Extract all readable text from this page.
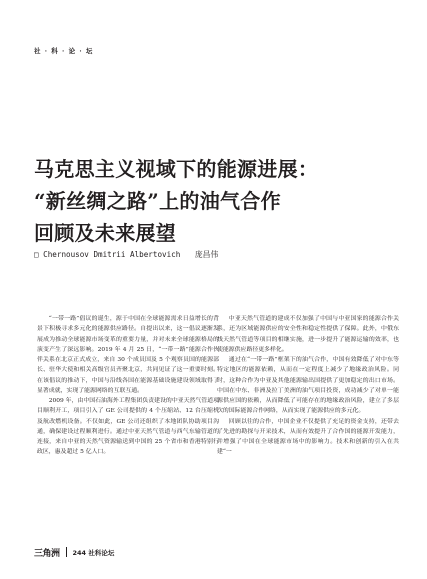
社 · 科 · 论 · 坛
马克思主义视域下的能源进展：
“新丝绸之路”上的油气合作
回顾及未来展望
□ Chernousov Dmitrii Albertovich 庞昌伟

“一带一路”倡议的诞生，源于中国在全球能源需求日益增长的背景下积极寻求多元化的能源供应路径。自提出以来，这一倡议逐渐发展成为推动全球能源市场变革的重要力量，并对未来全球能源格局的演变产生了深远影响。2019 年 4 月 25 日，“一带一路”能源合作伙伴关系在北京正式成立，来自 30 个成员国及 5 个观察员国的能源部长、驻华大使和相关高级官员齐聚北京，共同见证了这一重要时刻。在该倡议的推动下，中国与沿线各国在能源基础设施建设领域取得了显著成就，实现了能源网络的互联互通。

2009 年，由中国石油海外工程集团负责建设的中亚天然气管道项目顺利开工，项目引入了 GE 公司提供的 4 个压缩站、12 台压缩机及航改燃机设备。不仅如此，GE 公司还组织了本地团队协助项目沟通，确保建设过程顺利进行。通过中亚天然气管道与西气东输管道的连接，来自中亚的天然气资源输送到中国的 25 个省市和香港特别行政区，惠及超过 5 亿人口。

中亚天然气管道的建成不仅加强了中国与中亚国家的能源合作关系，还为区域能源供应的安全性和稳定性提供了保障。此外，中俄东线天然气管道等项目的相继实施，进一步提升了能源运输的效率，也使能源供应路径更多样化。

通过在“一带一路”框架下的油气合作，中国有效降低了对中东等特定地区的能源依赖，从而在一定程度上减少了地缘政治风险。同时，这种合作为中亚及其他能源输出国提供了更加稳定的出口市场。中国在中东、非洲及拉丁美洲的油气项目投资，成功减少了对单一能源供应国的依赖，从而降低了可能存在的地缘政治风险，建立了多层次的国际能源合作网络，从而实现了能源供应的多元化。

回顾以往的合作，中国企业不仅提供了充足的资金支持，还带去了先进的勘探与开采技术，从而有效提升了合作国的能源开发能力，并增强了中国在全球能源市场中的影响力。技术和创新的引入在共建“一

三角洲 244 社科论坛
